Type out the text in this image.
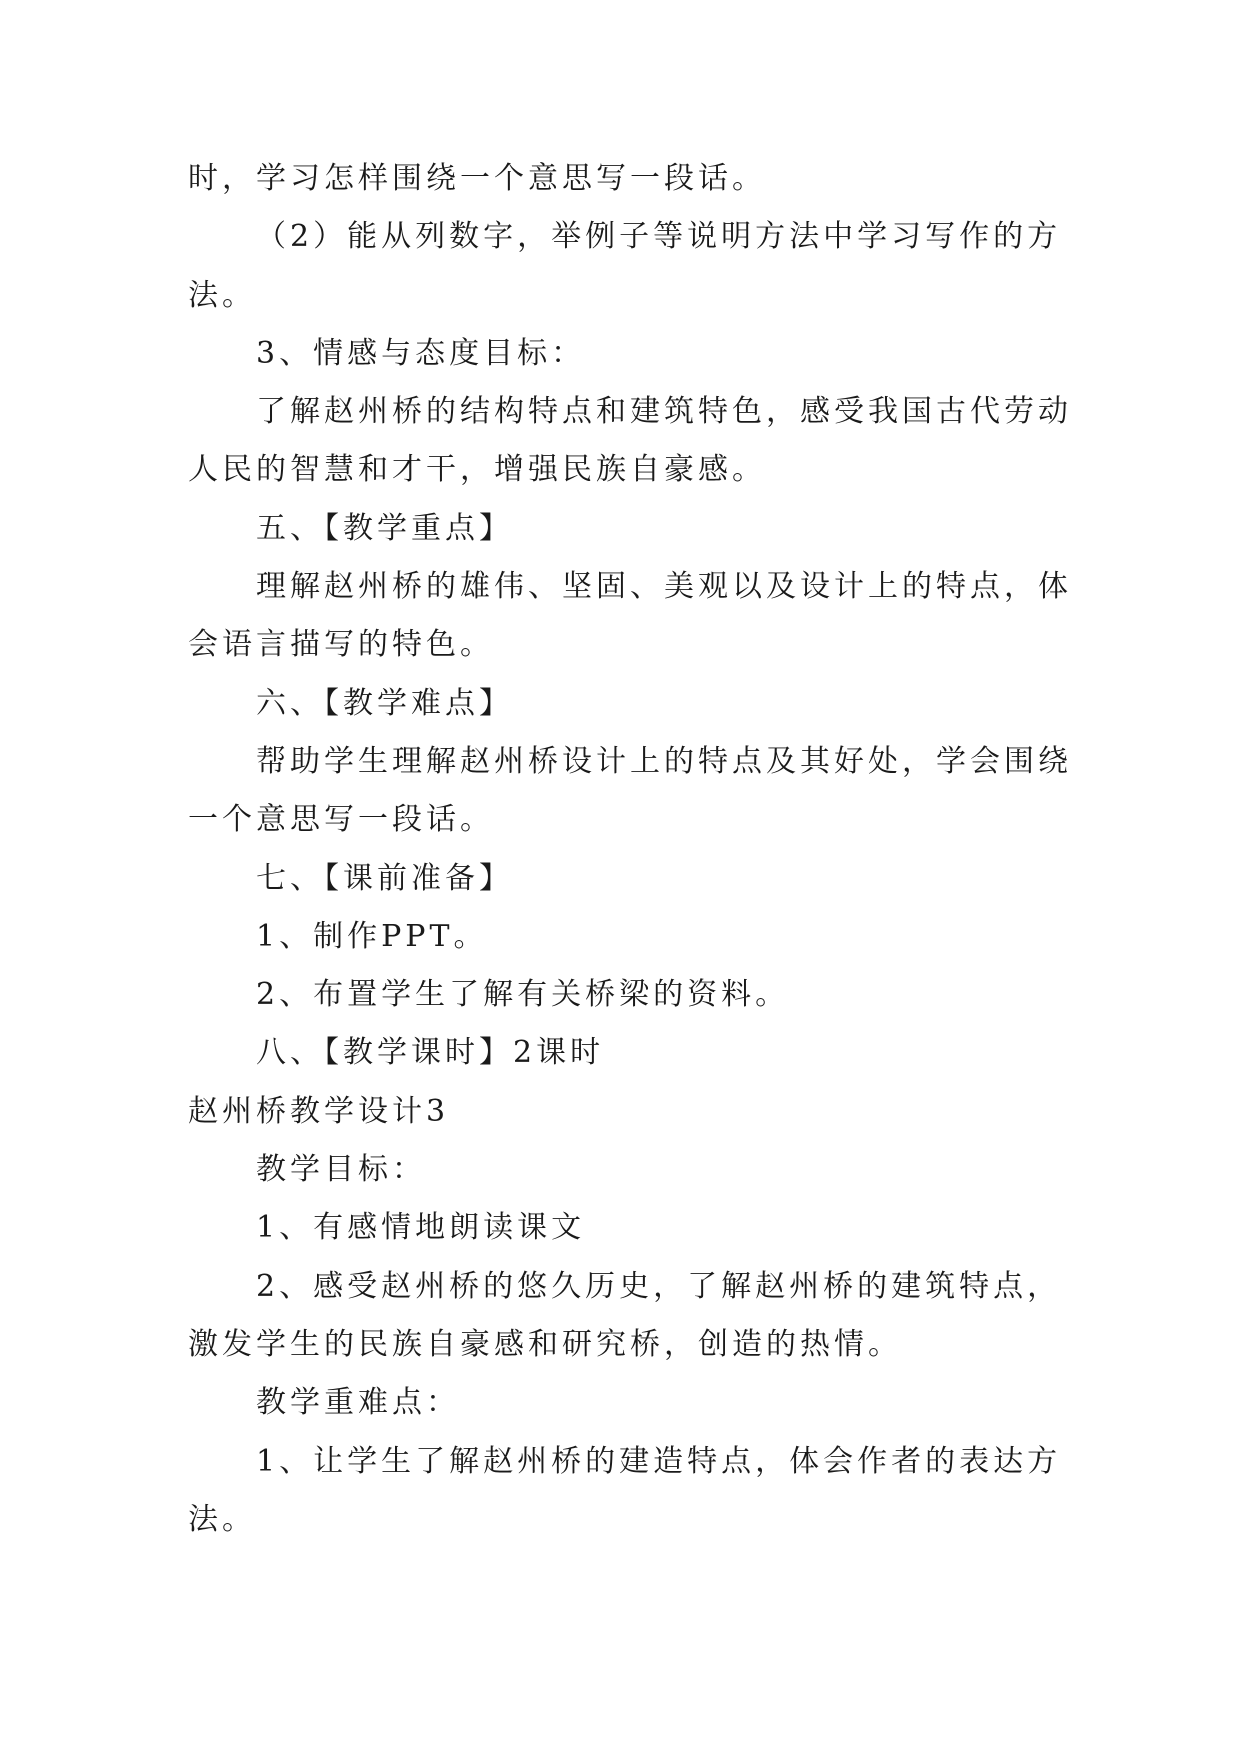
时，学习怎样围绕一个意思写一段话。
（2）能从列数字，举例子等说明方法中学习写作的方
法。
3、情感与态度目标：
了解赵州桥的结构特点和建筑特色，感受我国古代劳动
人民的智慧和才干，增强民族自豪感。
五、【教学重点】
理解赵州桥的雄伟、坚固、美观以及设计上的特点，体
会语言描写的特色。
六、【教学难点】
帮助学生理解赵州桥设计上的特点及其好处，学会围绕
一个意思写一段话。
七、【课前准备】
1、制作PPT。
2、布置学生了解有关桥梁的资料。
八、【教学课时】2课时
赵州桥教学设计3
教学目标：
1、有感情地朗读课文
2、感受赵州桥的悠久历史，了解赵州桥的建筑特点，
激发学生的民族自豪感和研究桥，创造的热情。
教学重难点：
1、让学生了解赵州桥的建造特点，体会作者的表达方
法。
